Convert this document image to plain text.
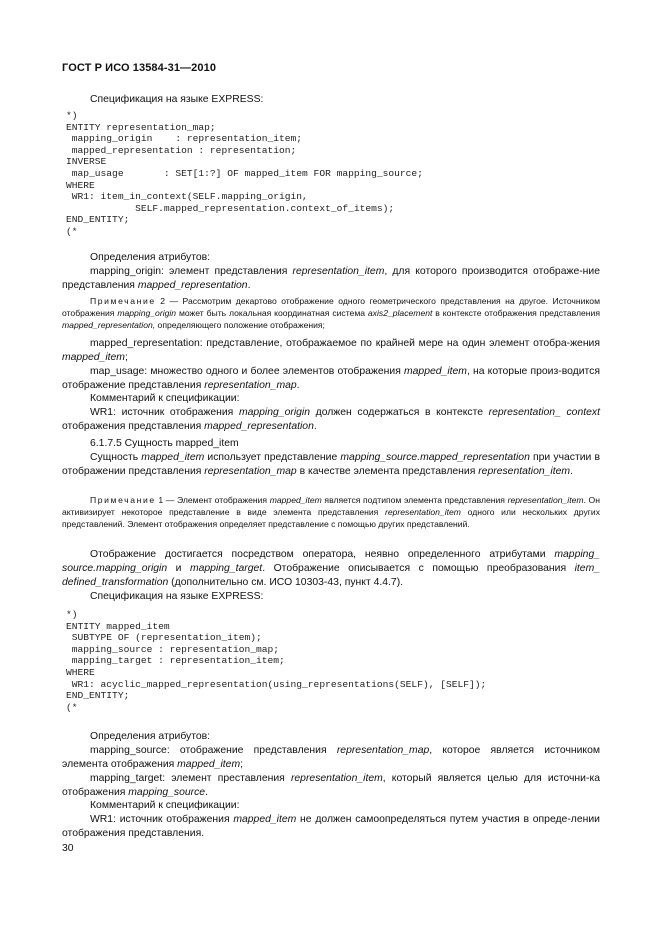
ГОСТ Р ИСО 13584-31—2010
Спецификация на языке EXPRESS:
*)
ENTITY representation_map;
mapping_origin    : representation_item;
mapped_representation : representation;
INVERSE
map_usage       : SET[1:?] OF mapped_item FOR mapping_source;
WHERE
WR1: item_in_context(SELF.mapping_origin,
SELF.mapped_representation.context_of_items);
END_ENTITY;
(*
Определения атрибутов:
mapping_origin: элемент представления representation_item, для которого производится отображе-ние представления mapped_representation.
Примечание 2 — Рассмотрим декартово отображение одного геометрического представления на другое. Источником отображения mapping_origin может быть локальная координатная система axis2_placement в контексте отображения представления mapped_representation, определяющего положение отображения;
mapped_representation: представление, отображаемое по крайней мере на один элемент отобра-жения mapped_item;
map_usage: множество одного и более элементов отображения mapped_item, на которые произ-водится отображение представления representation_map.
Комментарий к спецификации:
WR1: источник отображения mapping_origin должен содержаться в контексте representation_ context отображения представления mapped_representation.
6.1.7.5 Сущность mapped_item
Сущность mapped_item использует представление mapping_source.mapped_representation при участии в отображении представления representation_map в качестве элемента представления representation_item.
Примечание 1 — Элемент отображения mapped_item является подтипом элемента представления representation_item. Он активизирует некоторое представление в виде элемента представления representation_item одного или нескольких других представлений. Элемент отображения определяет представление с помощью других представлений.
Отображение достигается посредством оператора, неявно определенного атрибутами mapping_ source.mapping_origin и mapping_target. Отображение описывается с помощью преобразования item_ defined_transformation (дополнительно см. ИСО 10303-43, пункт 4.4.7).
Спецификация на языке EXPRESS:
*)
ENTITY mapped_item
SUBTYPE OF (representation_item);
mapping_source : representation_map;
mapping_target : representation_item;
WHERE
WR1: acyclic_mapped_representation(using_representations(SELF), [SELF]);
END_ENTITY;
(*
Определения атрибутов:
mapping_source: отображение представления representation_map, которое является источником элемента отображения mapped_item;
mapping_target: элемент преставления representation_item, который является целью для источни-ка отображения mapping_source.
Комментарий к спецификации:
WR1: источник отображения mapped_item не должен самоопределяться путем участия в опреде-лении отображения представления.
30
